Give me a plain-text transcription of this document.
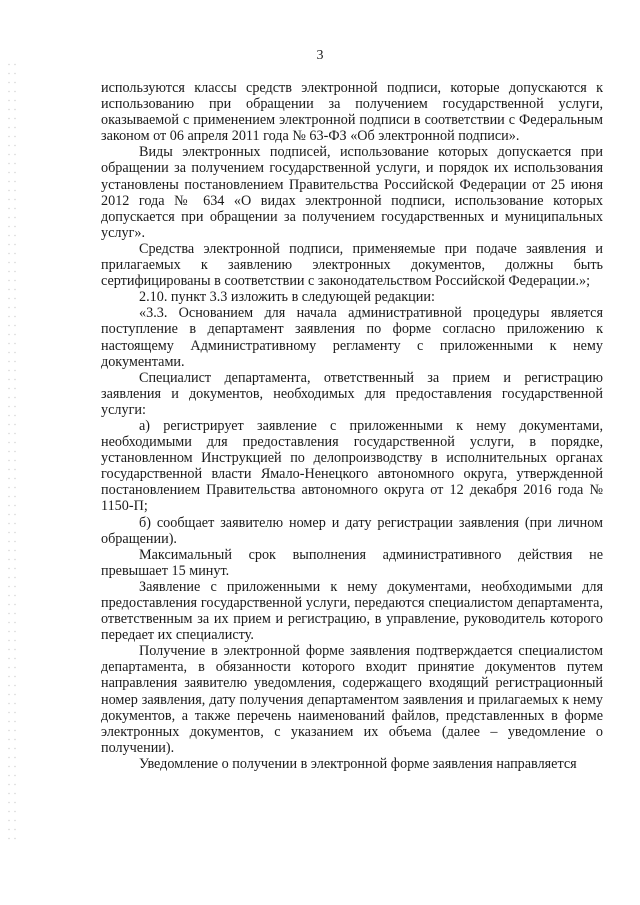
3

используются классы средств электронной подписи, которые допускаются к использованию при обращении за получением государственной услуги, оказываемой с применением электронной подписи в соответствии с Федеральным законом от 06 апреля 2011 года № 63-ФЗ «Об электронной подписи».

Виды электронных подписей, использование которых допускается при обращении за получением государственной услуги, и порядок их использования установлены постановлением Правительства Российской Федерации от 25 июня 2012 года № 634 «О видах электронной подписи, использование которых допускается при обращении за получением государственных и муниципальных услуг».

Средства электронной подписи, применяемые при подаче заявления и прилагаемых к заявлению электронных документов, должны быть сертифицированы в соответствии с законодательством Российской Федерации.»;

2.10. пункт 3.3 изложить в следующей редакции:

«3.3. Основанием для начала административной процедуры является поступление в департамент заявления по форме согласно приложению к настоящему Административному регламенту с приложенными к нему документами.

Специалист департамента, ответственный за прием и регистрацию заявления и документов, необходимых для предоставления государственной услуги:

а) регистрирует заявление с приложенными к нему документами, необходимыми для предоставления государственной услуги, в порядке, установленном Инструкцией по делопроизводству в исполнительных органах государственной власти Ямало-Ненецкого автономного округа, утвержденной постановлением Правительства автономного округа от 12 декабря 2016 года № 1150-П;

б) сообщает заявителю номер и дату регистрации заявления (при личном обращении).

Максимальный срок выполнения административного действия не превышает 15 минут.

Заявление с приложенными к нему документами, необходимыми для предоставления государственной услуги, передаются специалистом департамента, ответственным за их прием и регистрацию, в управление, руководитель которого передает их специалисту.

Получение в электронной форме заявления подтверждается специалистом департамента, в обязанности которого входит принятие документов путем направления заявителю уведомления, содержащего входящий регистрационный номер заявления, дату получения департаментом заявления и прилагаемых к нему документов, а также перечень наименований файлов, представленных в форме электронных документов, с указанием их объема (далее – уведомление о получении).

Уведомление о получении в электронной форме заявления направляется
